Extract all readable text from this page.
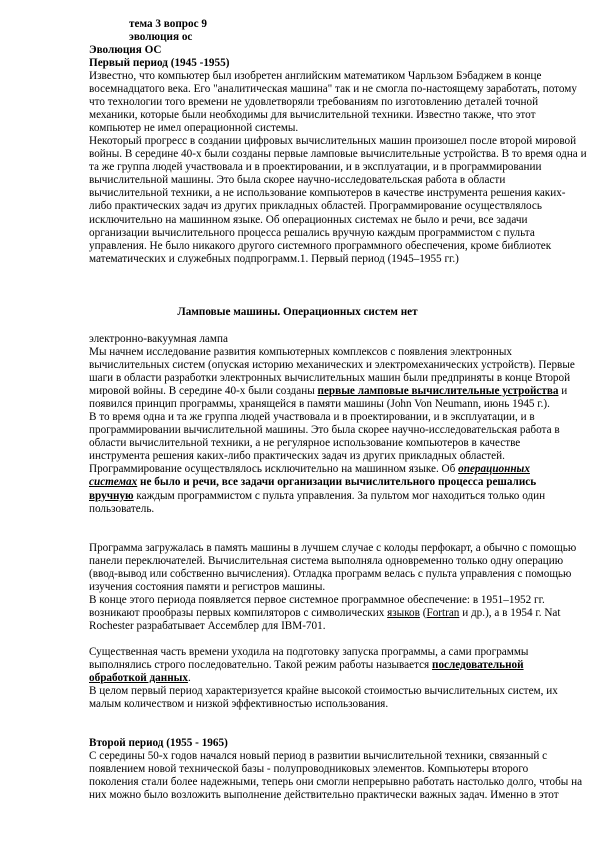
тема 3 вопрос 9
эволюция ос
Эволюция ОС
Первый период (1945 -1955)
Известно, что компьютер был изобретен английским математиком Чарльзом Бэбаджем в конце
восемнадцатого века. Его "аналитическая машина" так и не смогла по-настоящему заработать, потому
что технологии того времени не удовлетворяли требованиям по изготовлению деталей точной
механики, которые были необходимы для вычислительной техники. Известно также, что этот
компьютер не имел операционной системы.
Некоторый прогресс в создании цифровых вычислительных машин произошел после второй мировой
войны. В середине 40-х были созданы первые ламповые вычислительные устройства. В то время одна и
та же группа людей участвовала и в проектировании, и в эксплуатации, и в программировании
вычислительной машины. Это была скорее научно-исследовательская работа в области
вычислительной техники, а не использование компьютеров в качестве инструмента решения каких-
либо практических задач из других прикладных областей. Программирование осуществлялось
исключительно на машинном языке. Об операционных системах не было и речи, все задачи
организации вычислительного процесса решались вручную каждым программистом с пульта
управления. Не было никакого другого системного программного обеспечения, кроме библиотек
математических и служебных подпрограмм.1. Первый период (1945–1955 гг.)
Ламповые машины. Операционных систем нет
электронно-вакуумная лампа
Мы начнем исследование развития компьютерных комплексов с появления электронных
вычислительных систем (опуская историю механических и электромеханических устройств). Первые
шаги в области разработки электронных вычислительных машин были предприняты в конце Второй
мировой войны. В середине 40-х были созданы первые ламповые вычислительные устройства и
появился принцип программы, хранящейся в памяти машины (John Von Neumann, июнь 1945 г.).
В то время одна и та же группа людей участвовала и в проектировании, и в эксплуатации, и в
программировании вычислительной машины. Это была скорее научно-исследовательская работа в
области вычислительной техники, а не регулярное использование компьютеров в качестве
инструмента решения каких-либо практических задач из других прикладных областей.
Программирование осуществлялось исключительно на машинном языке. Об операционных
системах не было и речи, все задачи организации вычислительного процесса решались
вручную каждым программистом с пульта управления. За пультом мог находиться только один
пользователь.
Программа загружалась в память машины в лучшем случае с колоды перфокарт, а обычно с помощью
панели переключателей. Вычислительная система выполняла одновременно только одну операцию
(ввод-вывод или собственно вычисления). Отладка программ велась с пульта управления с помощью
изучения состояния памяти и регистров машины.
В конце этого периода появляется первое системное программное обеспечение: в 1951–1952 гг.
возникают прообразы первых компиляторов с символических языков (Fortran и др.), а в 1954 г. Nat
Rochester разрабатывает Ассемблер для IBM-701.
Существенная часть времени уходила на подготовку запуска программы, а сами программы
выполнялись строго последовательно. Такой режим работы называется последовательной
обработкой данных.
В целом первый период характеризуется крайне высокой стоимостью вычислительных систем, их
малым количеством и низкой эффективностью использования.
Второй период (1955 - 1965)
С середины 50-х годов начался новый период в развитии вычислительной техники, связанный с
появлением новой технической базы - полупроводниковых элементов. Компьютеры второго
поколения стали более надежными, теперь они смогли непрерывно работать настолько долго, чтобы на
них можно было возложить выполнение действительно практически важных задач. Именно в этот
